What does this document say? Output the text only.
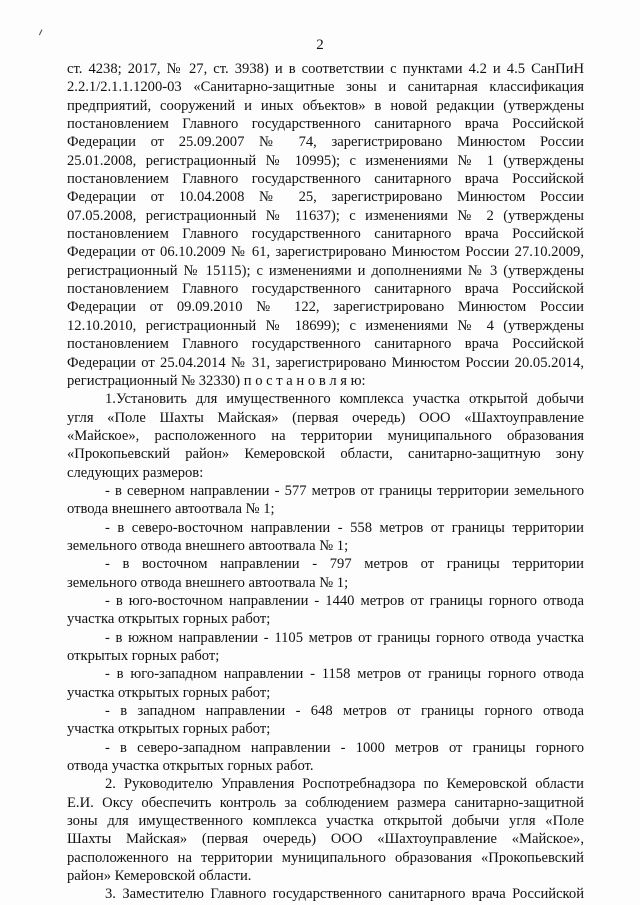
2
ст. 4238; 2017, № 27, ст. 3938) и в соответствии с пунктами 4.2 и 4.5 СанПиН
2.2.1/2.1.1.1200-03 «Санитарно-защитные зоны и санитарная классификация
предприятий, сооружений и иных объектов» в новой редакции (утверждены
постановлением Главного государственного санитарного врача Российской
Федерации от 25.09.2007 № 74, зарегистрировано Минюстом России
25.01.2008, регистрационный № 10995); с изменениями № 1 (утверждены
постановлением Главного государственного санитарного врача Российской
Федерации от 10.04.2008 № 25, зарегистрировано Минюстом России
07.05.2008, регистрационный № 11637); с изменениями № 2 (утверждены
постановлением Главного государственного санитарного врача Российской
Федерации от 06.10.2009 № 61, зарегистрировано Минюстом России 27.10.2009,
регистрационный № 15115); с изменениями и дополнениями № 3 (утверждены
постановлением Главного государственного санитарного врача Российской
Федерации от 09.09.2010 № 122, зарегистрировано Минюстом России
12.10.2010, регистрационный № 18699); с изменениями № 4 (утверждены
постановлением Главного государственного санитарного врача Российской
Федерации от 25.04.2014 № 31, зарегистрировано Минюстом России 20.05.2014,
регистрационный № 32330) п о с т а н о в л я ю:
1.Установить для имущественного комплекса участка открытой добычи
угля «Поле Шахты Майская» (первая очередь) ООО «Шахтоуправление
«Майское», расположенного на территории муниципального образования
«Прокопьевский район» Кемеровской области, санитарно-защитную зону
следующих размеров:
- в северном направлении - 577 метров от границы территории земельного
отвода внешнего автоотвала № 1;
- в северо-восточном направлении - 558 метров от границы территории
земельного отвода внешнего автоотвала № 1;
- в восточном направлении - 797 метров от границы территории
земельного отвода внешнего автоотвала № 1;
- в юго-восточном направлении - 1440 метров от границы горного отвода
участка открытых горных работ;
- в южном направлении - 1105 метров от границы горного отвода участка
открытых горных работ;
- в юго-западном направлении - 1158 метров от границы горного отвода
участка открытых горных работ;
- в западном направлении - 648 метров от границы горного отвода
участка открытых горных работ;
- в северо-западном направлении - 1000 метров от границы горного
отвода участка открытых горных работ.
2. Руководителю Управления Роспотребнадзора по Кемеровской области
Е.И. Оксу обеспечить контроль за соблюдением размера санитарно-защитной
зоны для имущественного комплекса участка открытой добычи угля «Поле
Шахты Майская» (первая очередь) ООО «Шахтоуправление «Майское»,
расположенного на территории муниципального образования «Прокопьевский
район» Кемеровской области.
3. Заместителю Главного государственного санитарного врача Российской
